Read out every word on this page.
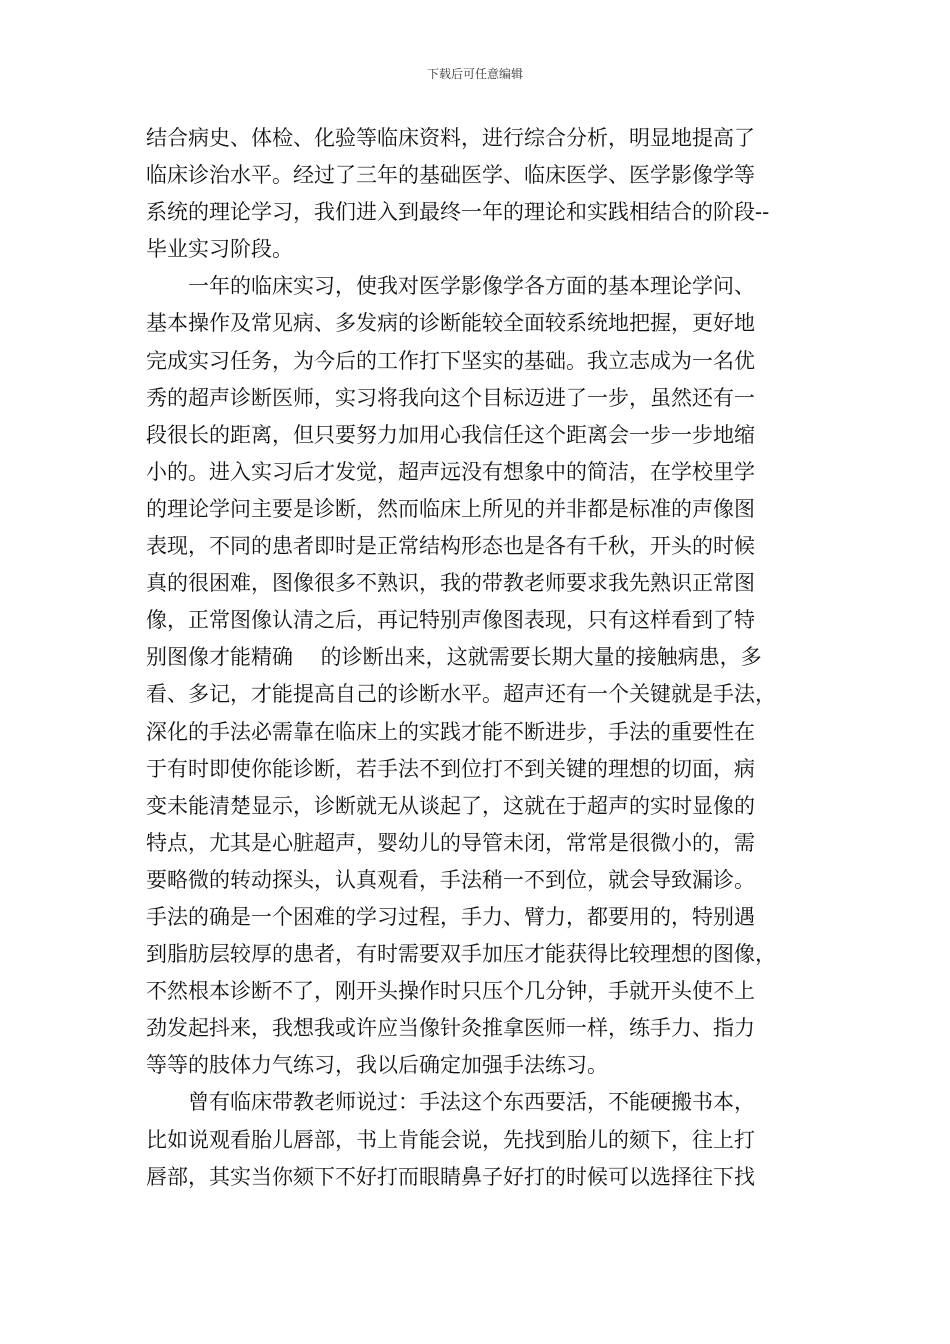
下载后可任意编辑
结合病史、体检、化验等临床资料，进行综合分析，明显地提高了
临床诊治水平。经过了三年的基础医学、临床医学、医学影像学等
系统的理论学习，我们进入到最终一年的理论和实践相结合的阶段--
毕业实习阶段。
一年的临床实习，使我对医学影像学各方面的基本理论学问、
基本操作及常见病、多发病的诊断能较全面较系统地把握，更好地
完成实习任务，为今后的工作打下坚实的基础。我立志成为一名优
秀的超声诊断医师，实习将我向这个目标迈进了一步，虽然还有一
段很长的距离，但只要努力加用心我信任这个距离会一步一步地缩
小的。进入实习后才发觉，超声远没有想象中的简洁，在学校里学
的理论学问主要是诊断，然而临床上所见的并非都是标准的声像图
表现，不同的患者即时是正常结构形态也是各有千秋，开头的时候
真的很困难，图像很多不熟识，我的带教老师要求我先熟识正常图
像，正常图像认清之后，再记特别声像图表现，只有这样看到了特
别图像才能精确　 的诊断出来，这就需要长期大量的接触病患，多
看、多记，才能提高自己的诊断水平。超声还有一个关键就是手法，
深化的手法必需靠在临床上的实践才能不断进步，手法的重要性在
于有时即使你能诊断，若手法不到位打不到关键的理想的切面，病
变未能清楚显示，诊断就无从谈起了，这就在于超声的实时显像的
特点，尤其是心脏超声，婴幼儿的导管未闭，常常是很微小的，需
要略微的转动探头，认真观看，手法稍一不到位，就会导致漏诊。
手法的确是一个困难的学习过程，手力、臂力，都要用的，特别遇
到脂肪层较厚的患者，有时需要双手加压才能获得比较理想的图像，
不然根本诊断不了，刚开头操作时只压个几分钟，手就开头使不上
劲发起抖来，我想我或许应当像针灸推拿医师一样，练手力、指力
等等的肢体力气练习，我以后确定加强手法练习。
曾有临床带教老师说过：手法这个东西要活，不能硬搬书本，
比如说观看胎儿唇部，书上肯能会说，先找到胎儿的颏下，往上打
唇部，其实当你颏下不好打而眼睛鼻子好打的时候可以选择往下找
